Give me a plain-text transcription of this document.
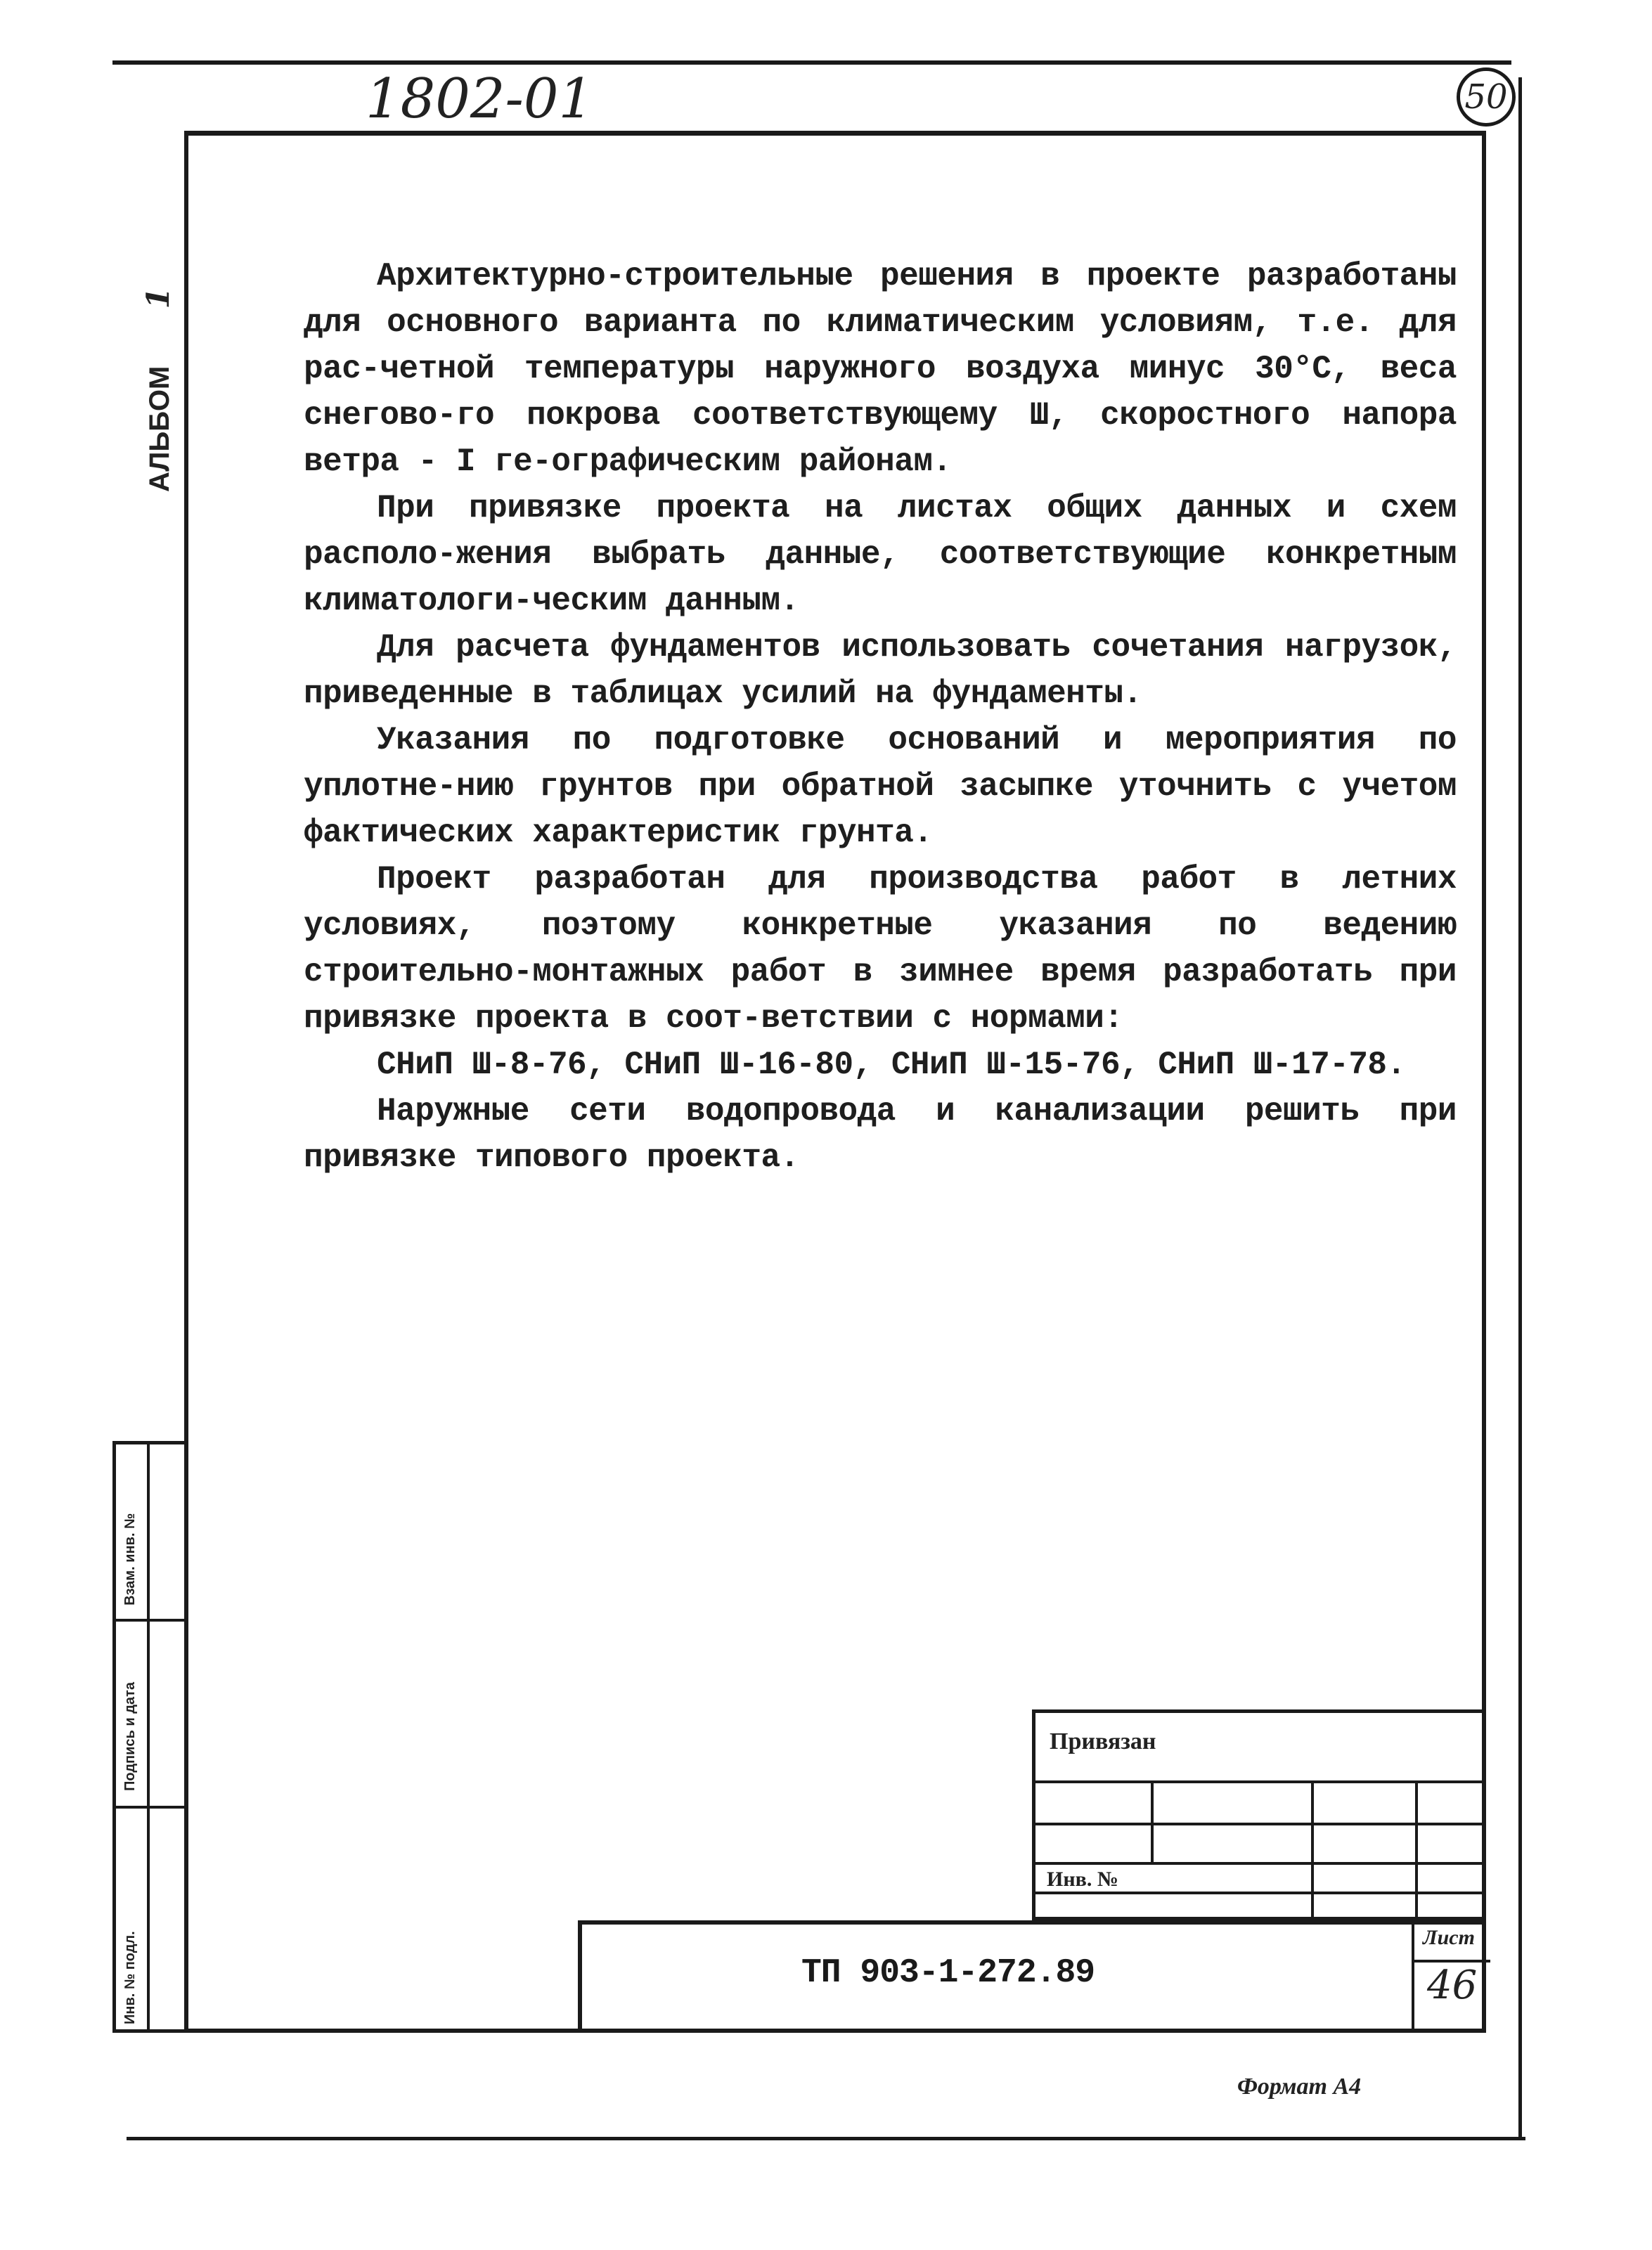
1802-01	50
АЛЬБОМ 1
Инв. № подл.
Подпись и дата
Взам. инв. №

Архитектурно-строительные решения в проекте разработаны для основного варианта по климатическим условиям, т.е. для рас-четной температуры наружного воздуха минус 30°С, веса снегово-го покрова соответствующему Ш, скоростного напора ветра - I ге-ографическим районам.

При привязке проекта на листах общих данных и схем располо-жения выбрать данные, соответствующие конкретным климатологи-ческим данным.

Для расчета фундаментов использовать сочетания нагрузок, приведенные в таблицах усилий на фундаменты.

Указания по подготовке оснований и мероприятия по уплотне-нию грунтов при обратной засыпке уточнить с учетом фактических характеристик грунта.

Проект разработан для производства работ в летних условиях, поэтому конкретные указания по ведению строительно-монтажных работ в зимнее время разработать при привязке проекта в соот-ветствии с нормами:

СНиП Ш-8-76, СНиП Ш-16-80, СНиП Ш-15-76, СНиП Ш-17-78.

Наружные сети водопровода и канализации решить при привязке типового проекта.

Привязан
Инв. №
ТП 903-1-272.89
Лист
46
Формат А4
